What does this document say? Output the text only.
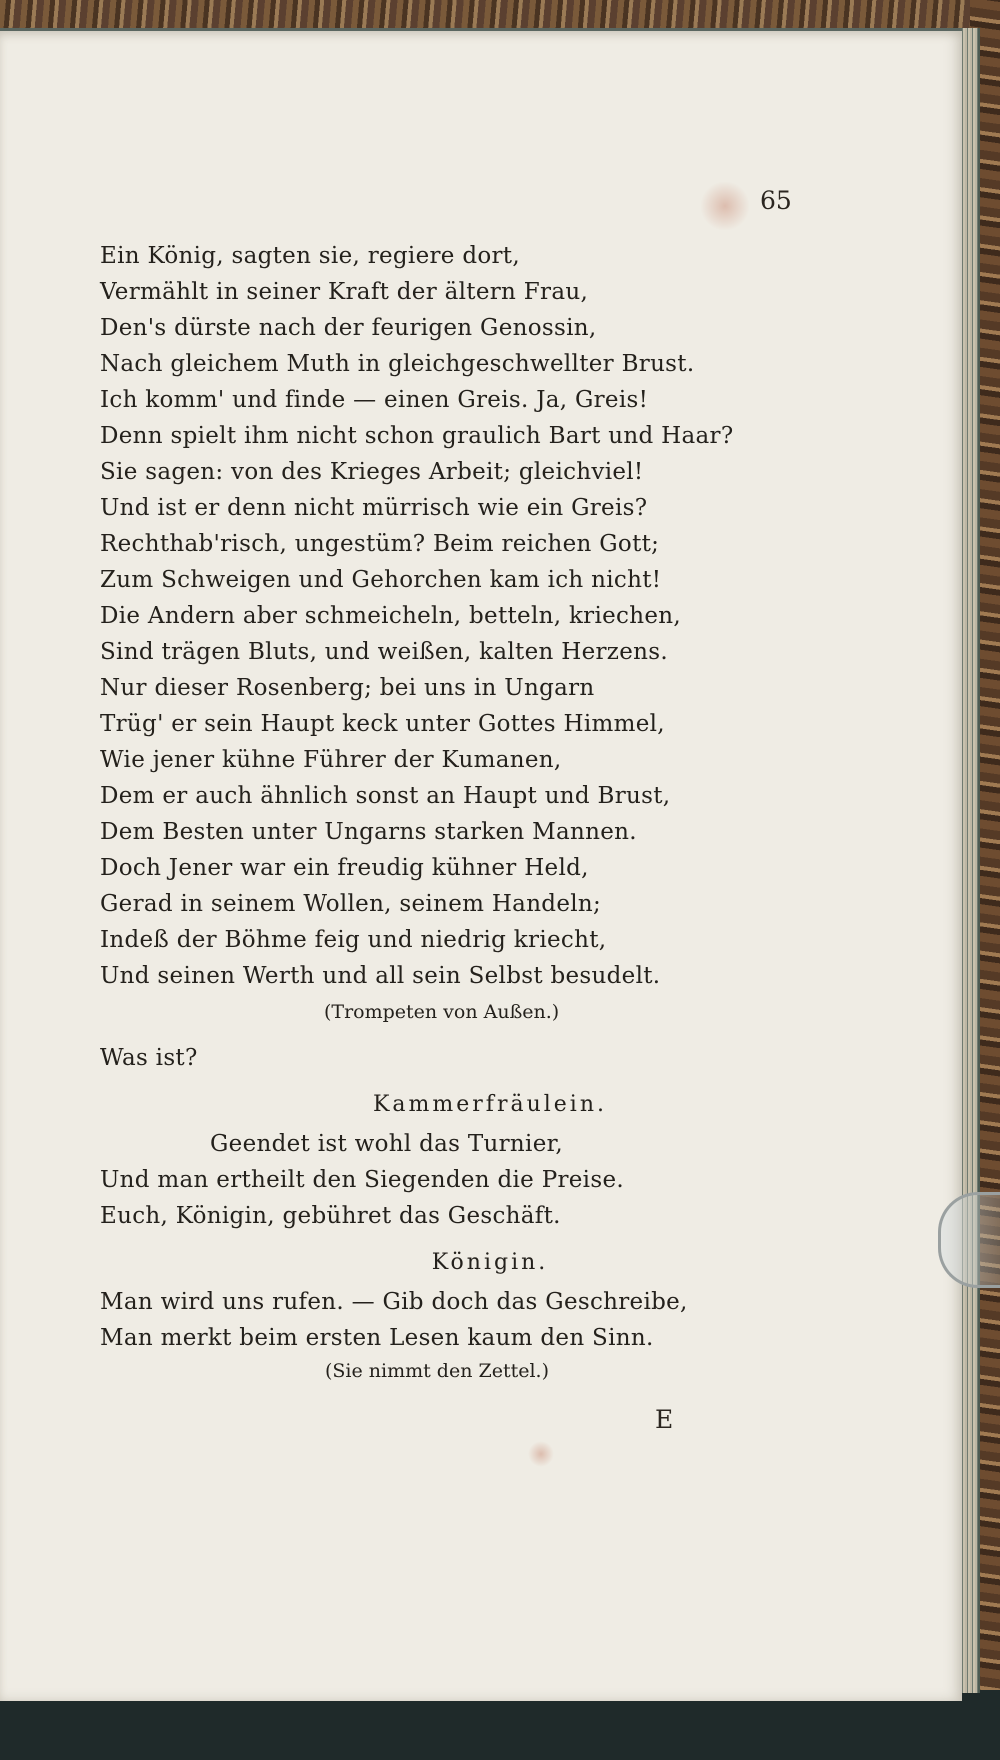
65
Ein König, sagten sie, regiere dort,
Vermählt in seiner Kraft der ältern Frau,
Den's dürste nach der feurigen Genossin,
Nach gleichem Muth in gleichgeschwellter Brust.
Ich komm' und finde — einen Greis. Ja, Greis!
Denn spielt ihm nicht schon graulich Bart und Haar?
Sie sagen: von des Krieges Arbeit; gleichviel!
Und ist er denn nicht mürrisch wie ein Greis?
Rechthab'risch, ungestüm? Beim reichen Gott;
Zum Schweigen und Gehorchen kam ich nicht!
Die Andern aber schmeicheln, betteln, kriechen,
Sind trägen Bluts, und weißen, kalten Herzens.
Nur dieser Rosenberg; bei uns in Ungarn
Trüg' er sein Haupt keck unter Gottes Himmel,
Wie jener kühne Führer der Kumanen,
Dem er auch ähnlich sonst an Haupt und Brust,
Dem Besten unter Ungarns starken Mannen.
Doch Jener war ein freudig kühner Held,
Gerad in seinem Wollen, seinem Handeln;
Indeß der Böhme feig und niedrig kriecht,
Und seinen Werth und all sein Selbst besudelt.
(Trompeten von Außen.)
Was ist?
Kammerfräulein.
Geendet ist wohl das Turnier,
Und man ertheilt den Siegenden die Preise.
Euch, Königin, gebühret das Geschäft.
Königin.
Man wird uns rufen. — Gib doch das Geschreibe,
Man merkt beim ersten Lesen kaum den Sinn.
(Sie nimmt den Zettel.)
E
